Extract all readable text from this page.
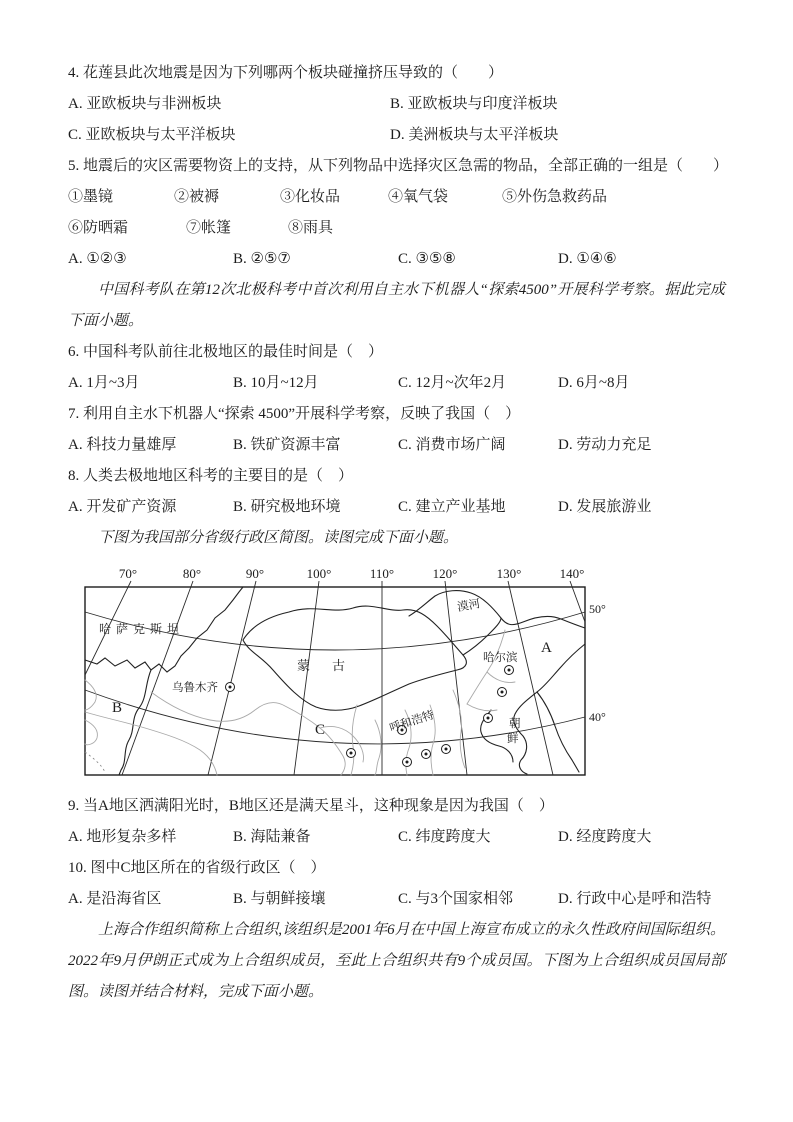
4. 花莲县此次地震是因为下列哪两个板块碰撞挤压导致的（　　）
A. 亚欧板块与非洲板块	B. 亚欧板块与印度洋板块
C. 亚欧板块与太平洋板块	D. 美洲板块与太平洋板块
5. 地震后的灾区需要物资上的支持，从下列物品中选择灾区急需的物品，全部正确的一组是（　　）
①墨镜	②被褥	③化妆品	④氧气袋	⑤外伤急救药品
⑥防晒霜	⑦帐篷	⑧雨具
A. ①②③	B. ②⑤⑦	C. ③⑤⑧	D. ①④⑥
中国科考队在第12次北极科考中首次利用自主水下机器人“探索4500”开展科学考察。据此完成下面小题。
6. 中国科考队前往北极地区的最佳时间是（　）
A. 1月~3月	B. 10月~12月	C. 12月~次年2月	D. 6月~8月
7. 利用自主水下机器人“探索 4500”开展科学考察，反映了我国（　）
A. 科技力量雄厚	B. 铁矿资源丰富	C. 消费市场广阔	D. 劳动力充足
8. 人类去极地地区科考的主要目的是（　）
A. 开发矿产资源	B. 研究极地环境	C. 建立产业基地	D. 发展旅游业
下图为我国部分省级行政区简图。读图完成下面小题。
70°	80°	90°	100°	110°	120°	130°	140°
50°
40°
哈萨克斯坦
蒙古
乌鲁木齐
哈尔滨
漠河
呼和浩特	朝
鲜
A
B
C
9. 当A地区洒满阳光时，B地区还是满天星斗，这种现象是因为我国（　）
A. 地形复杂多样	B. 海陆兼备	C. 纬度跨度大	D. 经度跨度大
10. 图中C地区所在的省级行政区（　）
A. 是沿海省区	B. 与朝鲜接壤	C. 与3个国家相邻	D. 行政中心是呼和浩特
上海合作组织简称上合组织,该组织是2001年6月在中国上海宣布成立的永久性政府间国际组织。2022年9月伊朗正式成为上合组织成员，至此上合组织共有9个成员国。下图为上合组织成员国局部图。读图并结合材料，完成下面小题。
